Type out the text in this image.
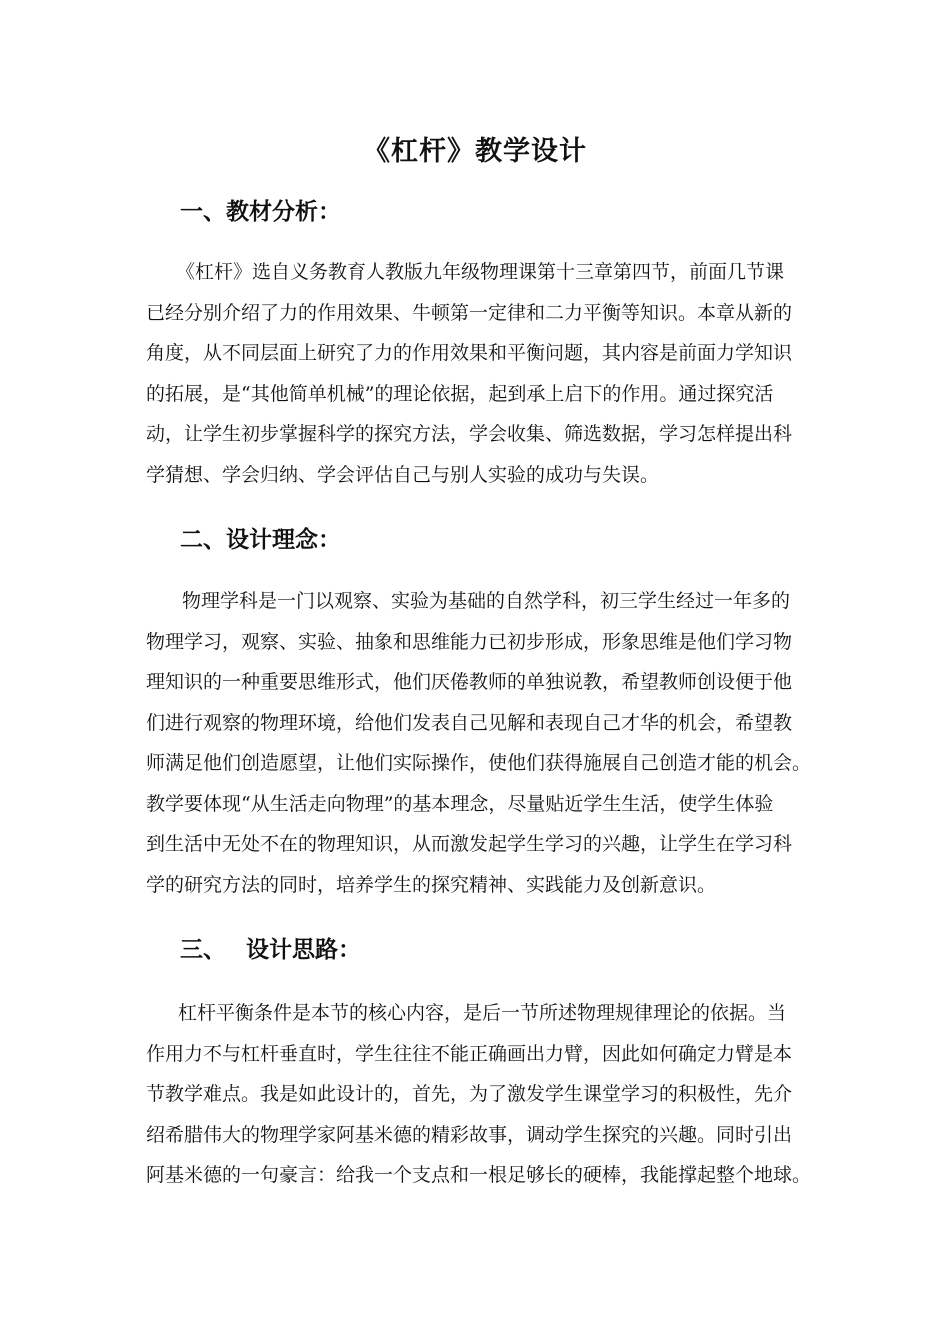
《杠杆》教学设计
一、教材分析：
《杠杆》选自义务教育人教版九年级物理课第十三章第四节，前面几节课
已经分别介绍了力的作用效果、牛顿第一定律和二力平衡等知识。本章从新的
角度，从不同层面上研究了力的作用效果和平衡问题，其内容是前面力学知识
的拓展，是“其他简单机械”的理论依据，起到承上启下的作用。通过探究活
动，让学生初步掌握科学的探究方法，学会收集、筛选数据，学习怎样提出科
学猜想、学会归纳、学会评估自己与别人实验的成功与失误。
二、设计理念：
物理学科是一门以观察、实验为基础的自然学科，初三学生经过一年多的
物理学习，观察、实验、抽象和思维能力已初步形成，形象思维是他们学习物
理知识的一种重要思维形式，他们厌倦教师的单独说教，希望教师创设便于他
们进行观察的物理环境，给他们发表自己见解和表现自己才华的机会，希望教
师满足他们创造愿望，让他们实际操作，使他们获得施展自己创造才能的机会。
教学要体现“从生活走向物理”的基本理念，尽量贴近学生生活，使学生体验
到生活中无处不在的物理知识，从而激发起学生学习的兴趣，让学生在学习科
学的研究方法的同时，培养学生的探究精神、实践能力及创新意识。
三、 设计思路：
杠杆平衡条件是本节的核心内容，是后一节所述物理规律理论的依据。当
作用力不与杠杆垂直时，学生往往不能正确画出力臂，因此如何确定力臂是本
节教学难点。我是如此设计的，首先，为了激发学生课堂学习的积极性，先介
绍希腊伟大的物理学家阿基米德的精彩故事，调动学生探究的兴趣。同时引出
阿基米德的一句豪言：给我一个支点和一根足够长的硬棒，我能撑起整个地球。
